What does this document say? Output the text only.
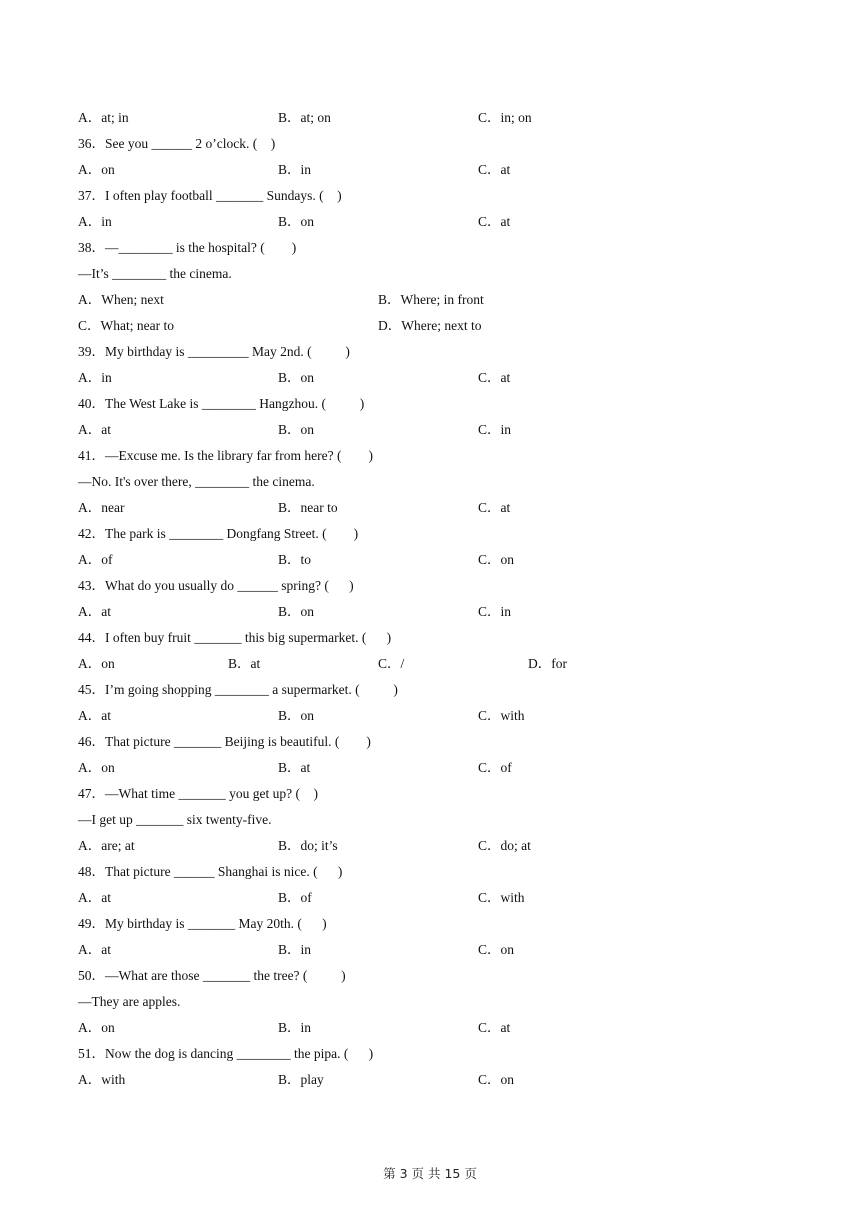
A．at; in	B．at; on	C．in; on
36．See you ______ 2 o’clock. (    )
A．on	B．in	C．at
37．I often play football _______ Sundays. (    )
A．in	B．on	C．at
38．—________ is the hospital? (        )
—It’s ________ the cinema.
A．When; next	B．Where; in front
C．What; near to	D．Where; next to
39．My birthday is _________ May 2nd. (          )
A．in	B．on	C．at
40．The West Lake is ________ Hangzhou. (          )
A．at	B．on	C．in
41．—Excuse me. Is the library far from here? (        )
—No. It's over there, ________ the cinema.
A．near	B．near to	C．at
42．The park is ________ Dongfang Street. (        )
A．of	B．to	C．on
43．What do you usually do ______ spring? (      )
A．at	B．on	C．in
44．I often buy fruit _______ this big supermarket. (      )
A．on	B．at	C．/	D．for
45．I’m going shopping ________ a supermarket. (          )
A．at	B．on	C．with
46．That picture _______ Beijing is beautiful. (        )
A．on	B．at	C．of
47．—What time _______ you get up? (    )
—I get up _______ six twenty-five.
A．are; at	B．do; it’s	C．do; at
48．That picture ______ Shanghai is nice. (      )
A．at	B．of	C．with
49．My birthday is _______ May 20th. (      )
A．at	B．in	C．on
50．—What are those _______ the tree? (          )
—They are apples.
A．on	B．in	C．at
51．Now the dog is dancing ________ the pipa. (      )
A．with	B．play	C．on
第 3 页 共 15 页
